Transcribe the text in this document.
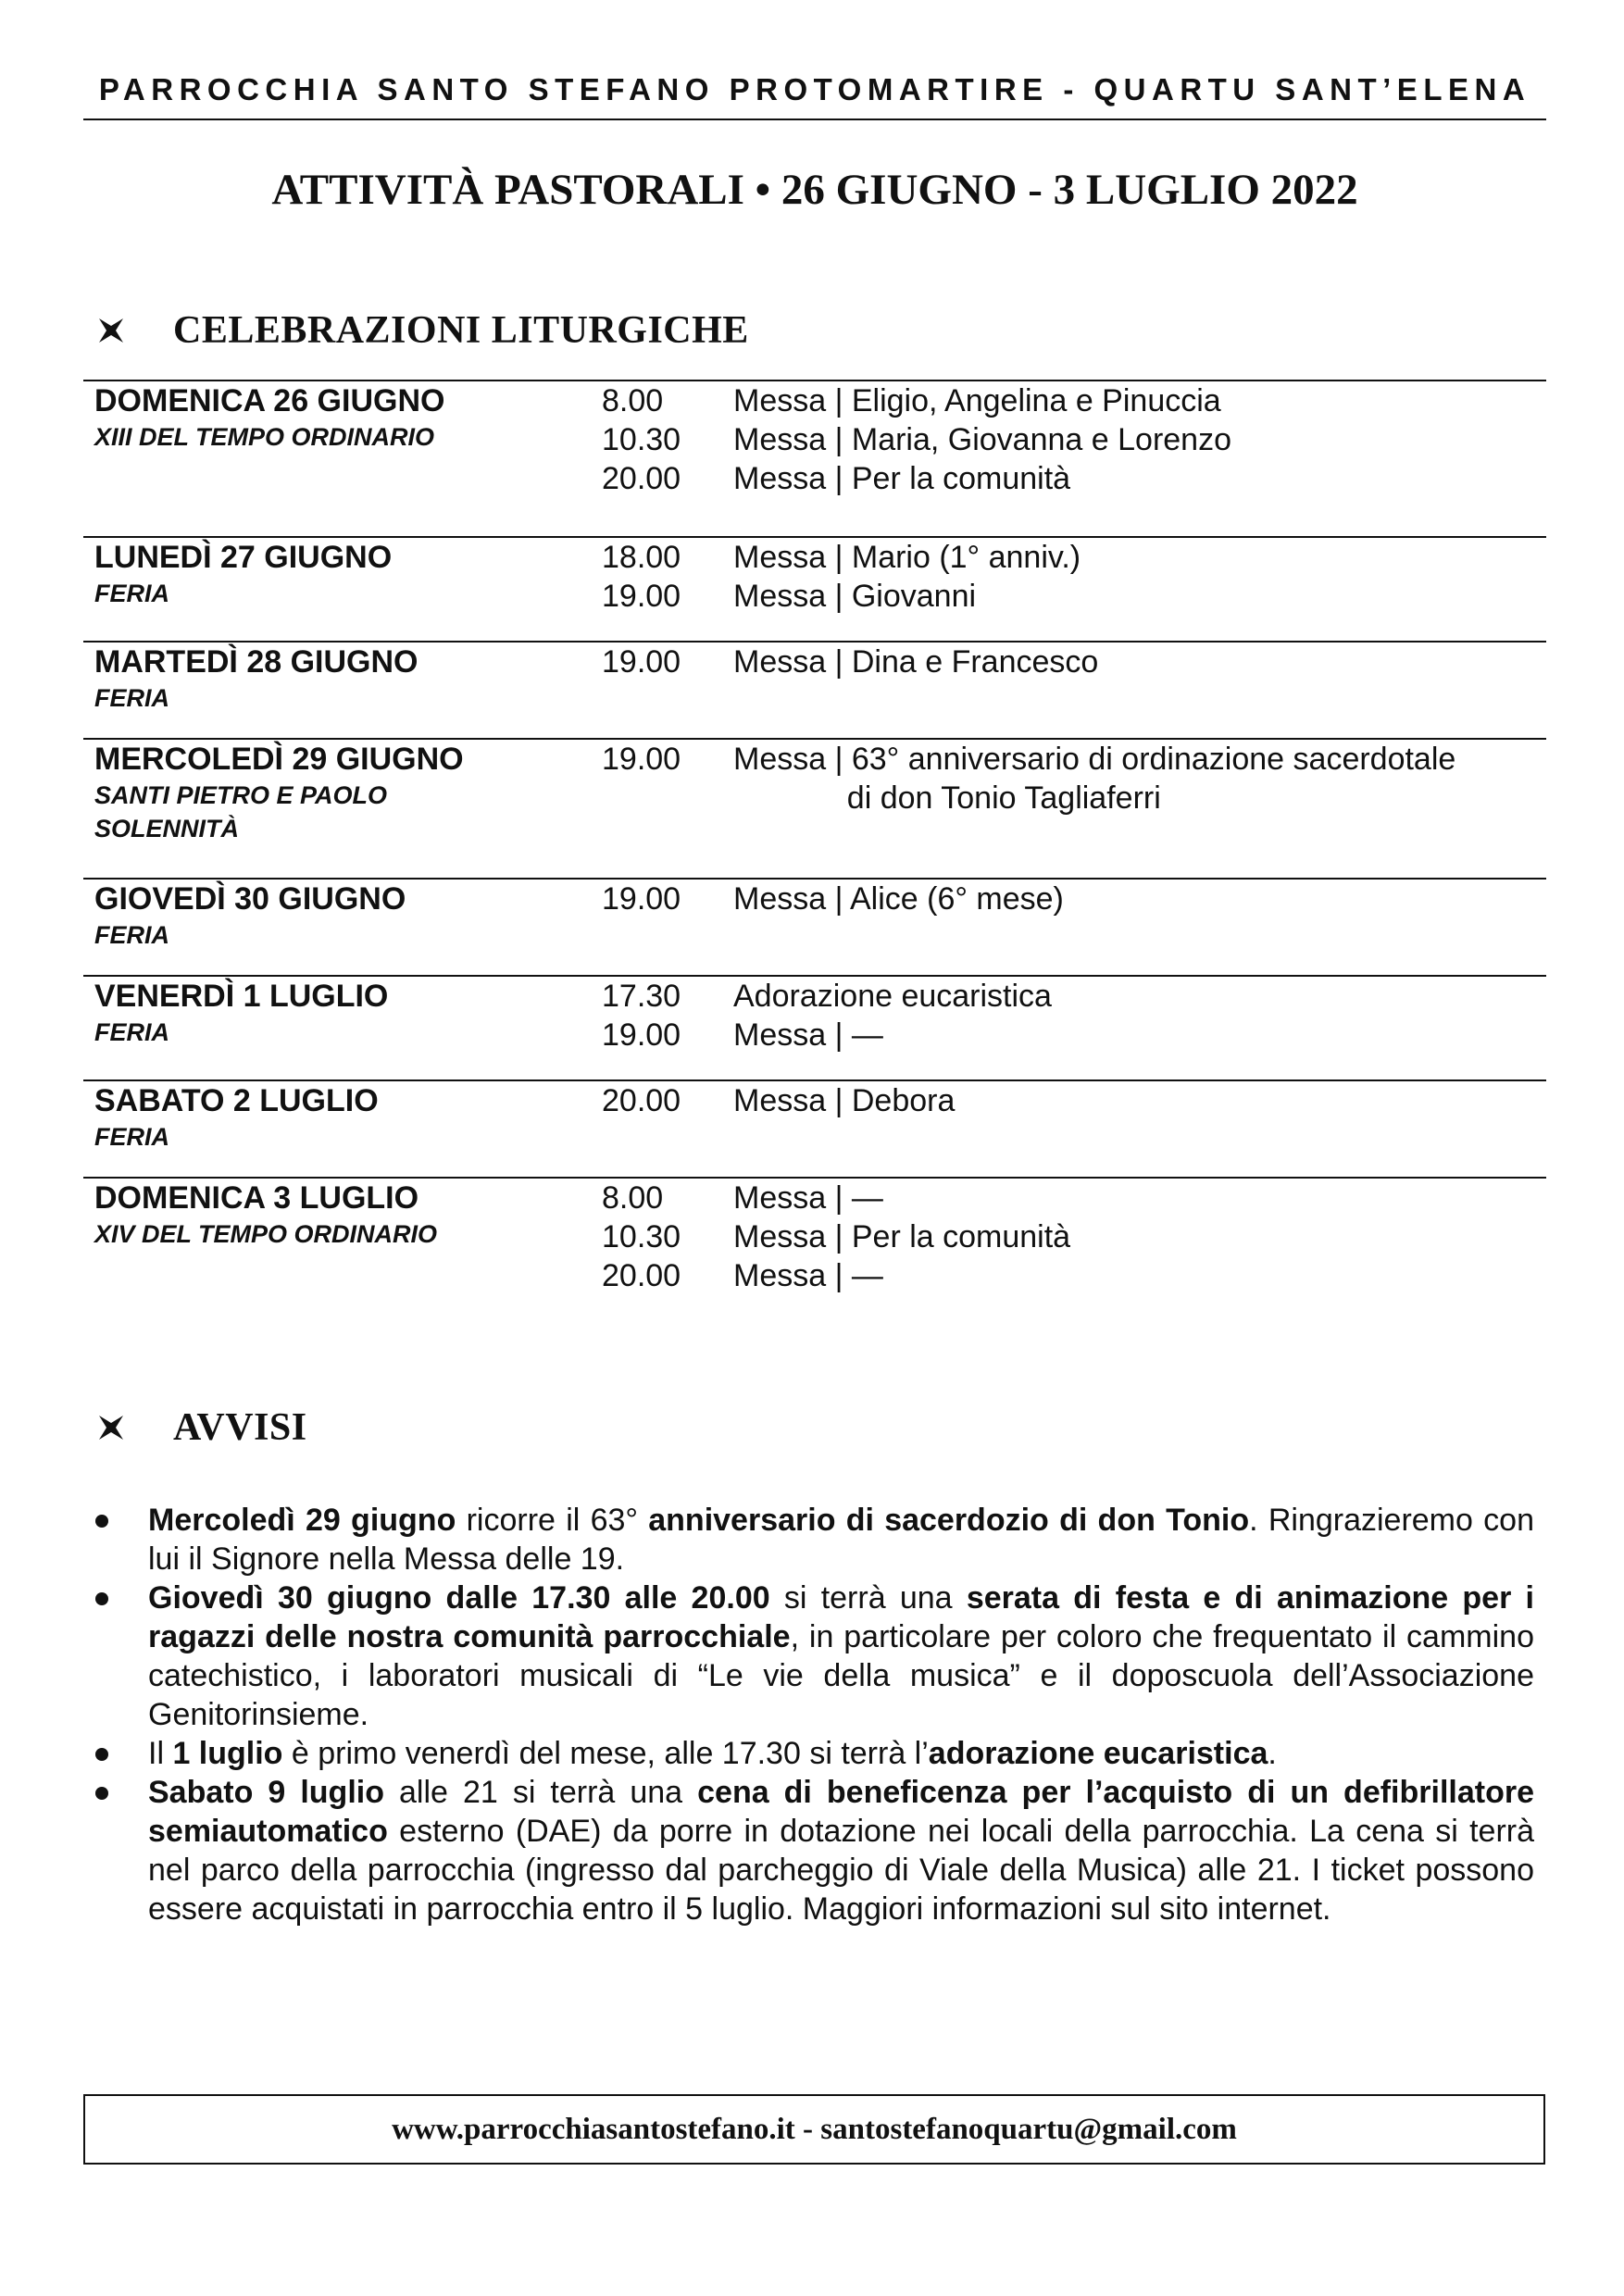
PARROCCHIA SANTO STEFANO PROTOMARTIRE - QUARTU SANT’ELENA
ATTIVITÀ PASTORALI • 26 GIUGNO - 3 LUGLIO 2022
CELEBRAZIONI LITURGICHE
DOMENICA 26 GIUGNO
XIII DEL TEMPO ORDINARIO
8.00	Messa | Eligio, Angelina e Pinuccia
10.30	Messa | Maria, Giovanna e Lorenzo
20.00	Messa | Per la comunità
LUNEDÌ 27 GIUGNO
FERIA
18.00	Messa | Mario (1° anniv.)
19.00	Messa | Giovanni
MARTEDÌ 28 GIUGNO
FERIA
19.00	Messa | Dina e Francesco
MERCOLEDÌ 29 GIUGNO
SANTI PIETRO E PAOLO
SOLENNITÀ
19.00	Messa | 63° anniversario di ordinazione sacerdotale
di don Tonio Tagliaferri
GIOVEDÌ 30 GIUGNO
FERIA
19.00	Messa | Alice (6° mese)
VENERDÌ 1 LUGLIO
FERIA
17.30	Adorazione eucaristica
19.00	Messa | —
SABATO 2 LUGLIO
FERIA
20.00	Messa | Debora
DOMENICA 3 LUGLIO
XIV DEL TEMPO ORDINARIO
8.00	Messa | —
10.30	Messa | Per la comunità
20.00	Messa | —
AVVISI
Mercoledì 29 giugno ricorre il 63° anniversario di sacerdozio di don Tonio. Ringrazieremo con lui il Signore nella Messa delle 19.
Giovedì 30 giugno dalle 17.30 alle 20.00 si terrà una serata di festa e di animazione per i ragazzi delle nostra comunità parrocchiale, in particolare per coloro che frequentato il cammino catechistico, i laboratori musicali di “Le vie della musica” e il doposcuola dell’Associazione Genitorinsieme.
Il 1 luglio è primo venerdì del mese, alle 17.30 si terrà l’adorazione eucaristica.
Sabato 9 luglio alle 21 si terrà una cena di beneficenza per l’acquisto di un defibrillatore semiautomatico esterno (DAE) da porre in dotazione nei locali della parrocchia. La cena si terrà nel parco della parrocchia (ingresso dal parcheggio di Viale della Musica) alle 21. I ticket possono essere acquistati in parrocchia entro il 5 luglio. Maggiori informazioni sul sito internet.
www.parrocchiasantostefano.it - santostefanoquartu@gmail.com
